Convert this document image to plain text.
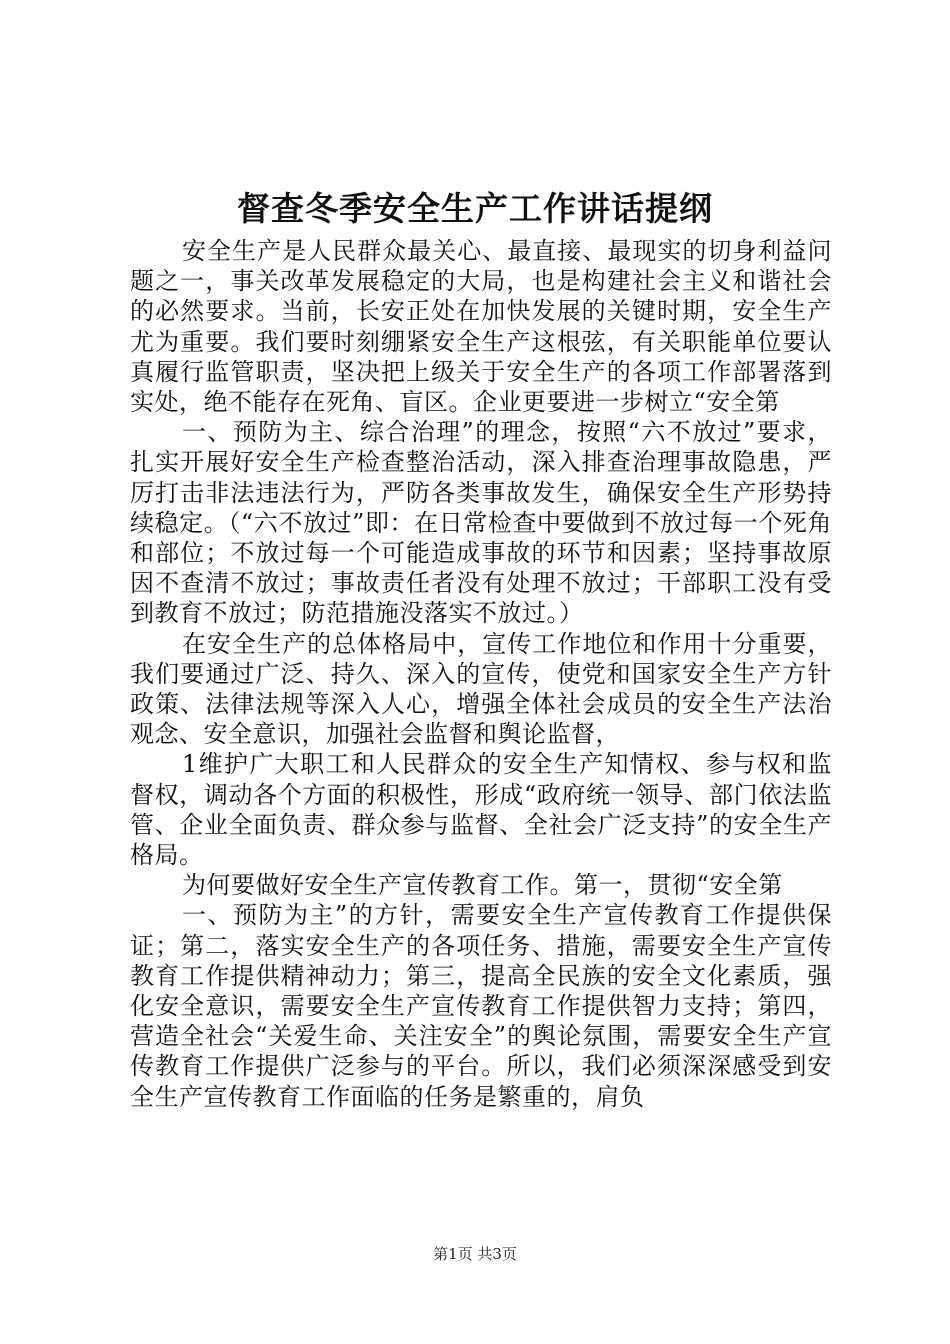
督查冬季安全生产工作讲话提纲

安全生产是人民群众最关心、最直接、最现实的切身利益问题之一，事关改革发展稳定的大局，也是构建社会主义和谐社会的必然要求。当前，长安正处在加快发展的关键时期，安全生产尤为重要。我们要时刻绷紧安全生产这根弦，有关职能单位要认真履行监管职责，坚决把上级关于安全生产的各项工作部署落到实处，绝不能存在死角、盲区。企业更要进一步树立“安全第

一、预防为主、综合治理”的理念，按照“六不放过”要求，扎实开展好安全生产检查整治活动，深入排查治理事故隐患，严厉打击非法违法行为，严防各类事故发生，确保安全生产形势持续稳定。（“六不放过”即：在日常检查中要做到不放过每一个死角和部位；不放过每一个可能造成事故的环节和因素；坚持事故原因不查清不放过；事故责任者没有处理不放过；干部职工没有受到教育不放过；防范措施没落实不放过。）

在安全生产的总体格局中，宣传工作地位和作用十分重要，我们要通过广泛、持久、深入的宣传，使党和国家安全生产方针政策、法律法规等深入人心，增强全体社会成员的安全生产法治观念、安全意识，加强社会监督和舆论监督，

1维护广大职工和人民群众的安全生产知情权、参与权和监督权，调动各个方面的积极性，形成“政府统一领导、部门依法监管、企业全面负责、群众参与监督、全社会广泛支持”的安全生产格局。

为何要做好安全生产宣传教育工作。第一，贯彻“安全第

一、预防为主”的方针，需要安全生产宣传教育工作提供保证；第二，落实安全生产的各项任务、措施，需要安全生产宣传教育工作提供精神动力；第三，提高全民族的安全文化素质，强化安全意识，需要安全生产宣传教育工作提供智力支持；第四，营造全社会“关爱生命、关注安全”的舆论氛围，需要安全生产宣传教育工作提供广泛参与的平台。所以，我们必须深深感受到安全生产宣传教育工作面临的任务是繁重的，肩负

第1页 共3页
